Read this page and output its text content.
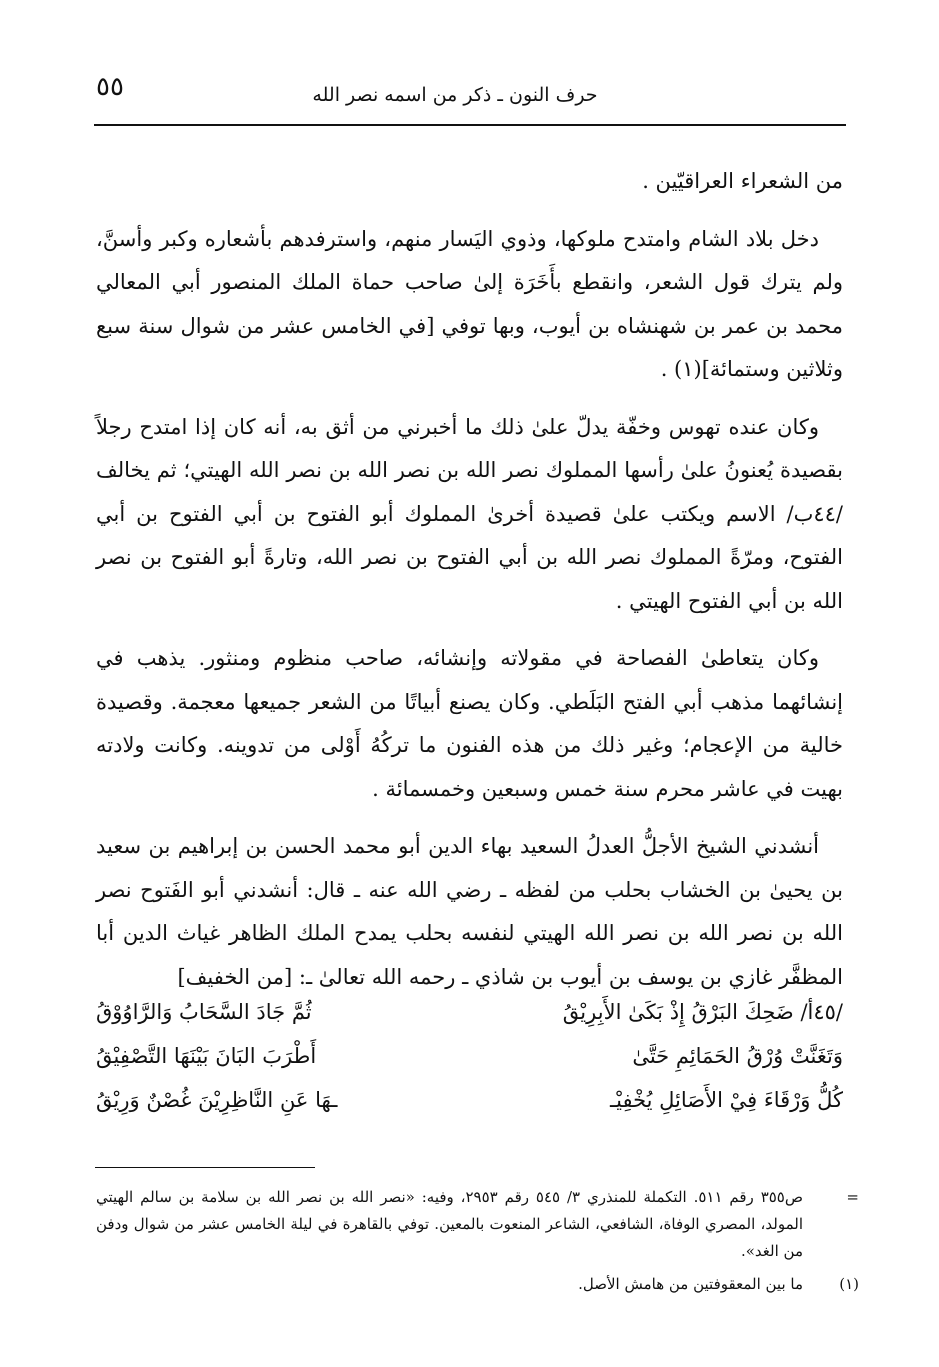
٥٥	حرف النون ـ ذكر من اسمه نصر الله

من الشعراء العراقيّين .

دخل بلاد الشام وامتدح ملوكها، وذوي اليَسار منهم، واسترفدهم بأشعاره وكبر وأسنَّ، ولم يترك قول الشعر، وانقطع بأَخَرَة إلىٰ صاحب حماة الملك المنصور أبي المعالي محمد بن عمر بن شهنشاه بن أيوب، وبها توفي [في الخامس عشر من شوال سنة سبع وثلاثين وستمائة](١) .

وكان عنده تهوس وخفّة يدلّ علىٰ ذلك ما أخبرني من أثق به، أنه كان إذا امتدح رجلاً بقصيدة يُعنونُ علىٰ رأسها المملوك نصر الله بن نصر الله بن نصر الله الهيتي؛ ثم يخالف /٤٤ب/ الاسم ويكتب علىٰ قصيدة أخرىٰ المملوك أبو الفتوح بن أبي الفتوح بن أبي الفتوح، ومرّةً المملوك نصر الله بن أبي الفتوح بن نصر الله، وتارةً أبو الفتوح بن نصر الله بن أبي الفتوح الهيتي .

وكان يتعاطىٰ الفصاحة في مقولاته وإنشائه، صاحب منظوم ومنثور. يذهب في إنشائهما مذهب أبي الفتح البَلَطي. وكان يصنع أبياتًا من الشعر جميعها معجمة. وقصيدة خالية من الإعجام؛ وغير ذلك من هذه الفنون ما تركُهُ أَوْلى من تدوينه. وكانت ولادته بهيت في عاشر محرم سنة خمس وسبعين وخمسمائة .

أنشدني الشيخ الأجلُّ العدلُ السعيد بهاء الدين أبو محمد الحسن بن إبراهيم بن سعيد بن يحيىٰ بن الخشاب بحلب من لفظه ـ رضي الله عنه ـ قال: أنشدني أبو الفَتوح نصر الله بن نصر الله بن نصر الله الهيتي لنفسه بحلب يمدح الملك الظاهر غياث الدين أبا المظفَّر غازي بن يوسف بن أيوب بن شاذي ـ رحمه الله تعالىٰ ـ: [من الخفيف]

/٤٥أ/ ضَحِكَ البَرْقُ إِذْ بَكَىٰ الأَبِرِيْقُ
ثُمَّ جَادَ السَّحَابُ وَالرَّاوُوْقُ
وَتَغَنَّتْ وُرْقُ الحَمَائِمِ حَتَّىٰ
أَطْرَبَ البَانَ بَيْنَهَا التَّصْفِيْقُ
كُلُّ وَرْقَاءَ فِيْ الأَصَائِلِ يُخْفِيْـ
ـهَا عَنِ النَّاظِرِيْنَ غُصْنٌ وَرِيْقُ
=
ص٣٥٥ رقم ٥١١. التكملة للمنذري ٣/ ٥٤٥ رقم ٢٩٥٣، وفيه: «نصر الله بن نصر الله بن سلامة بن سالم الهيتي المولد، المصري الوفاة، الشافعي، الشاعر المنعوت بالمعين. توفي بالقاهرة في ليلة الخامس عشر من شوال ودفن من الغد».
(١)
ما بين المعقوفتين من هامش الأصل.
